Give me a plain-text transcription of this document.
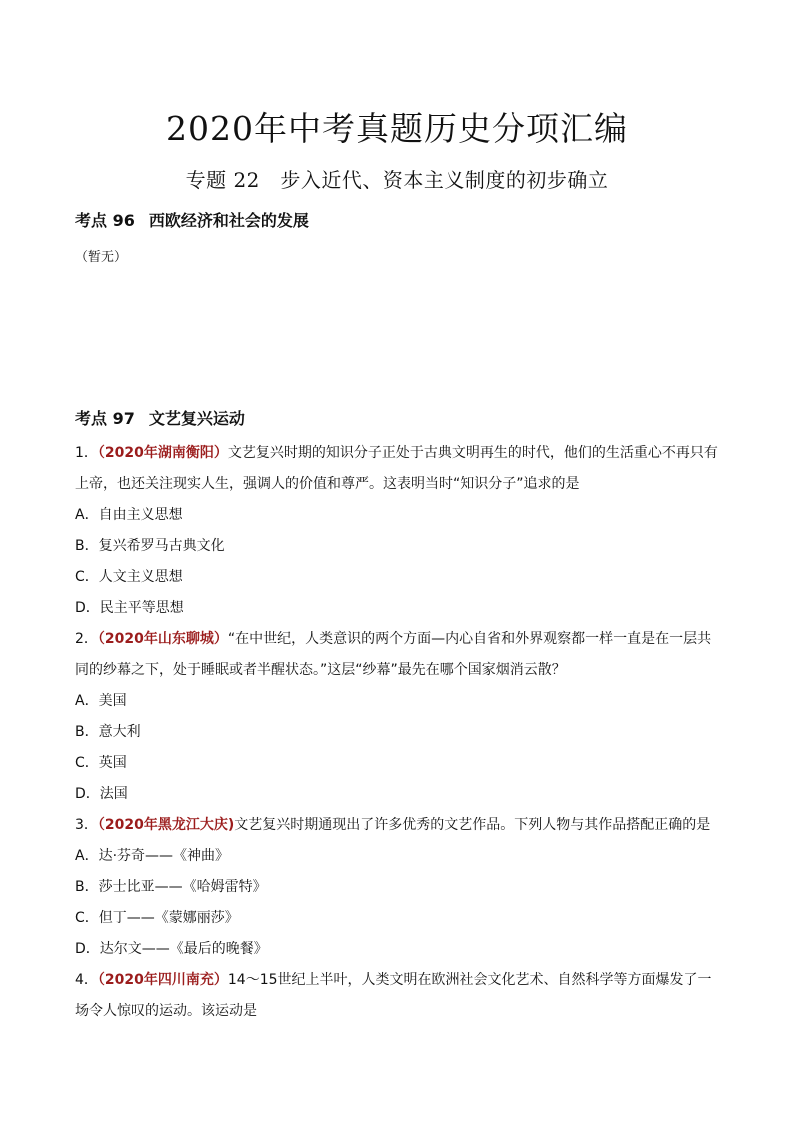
2020年中考真题历史分项汇编
专题 22　步入近代、资本主义制度的初步确立
考点 96 西欧经济和社会的发展
（暂无）
考点 97 文艺复兴运动
1．（2020年湖南衡阳）文艺复兴时期的知识分子正处于古典文明再生的时代，他们的生活重心不再只有上帝，也还关注现实人生，强调人的价值和尊严。这表明当时“知识分子”追求的是
A．自由主义思想
B．复兴希罗马古典文化
C．人文主义思想
D．民主平等思想
2．（2020年山东聊城）“在中世纪，人类意识的两个方面—内心自省和外界观察都一样一直是在一层共同的纱幕之下，处于睡眠或者半醒状态。”这层“纱幕”最先在哪个国家烟消云散？
A．美国
B．意大利
C．英国
D．法国
3．（2020年黑龙江大庆)文艺复兴时期通现出了许多优秀的文艺作品。下列人物与其作品搭配正确的是
A．达·芬奇——《神曲》
B．莎士比亚——《哈姆雷特》
C．但丁——《蒙娜丽莎》
D．达尔文——《最后的晚餐》
4．（2020年四川南充）14～15世纪上半叶，人类文明在欧洲社会文化艺术、自然科学等方面爆发了一场令人惊叹的运动。该运动是
